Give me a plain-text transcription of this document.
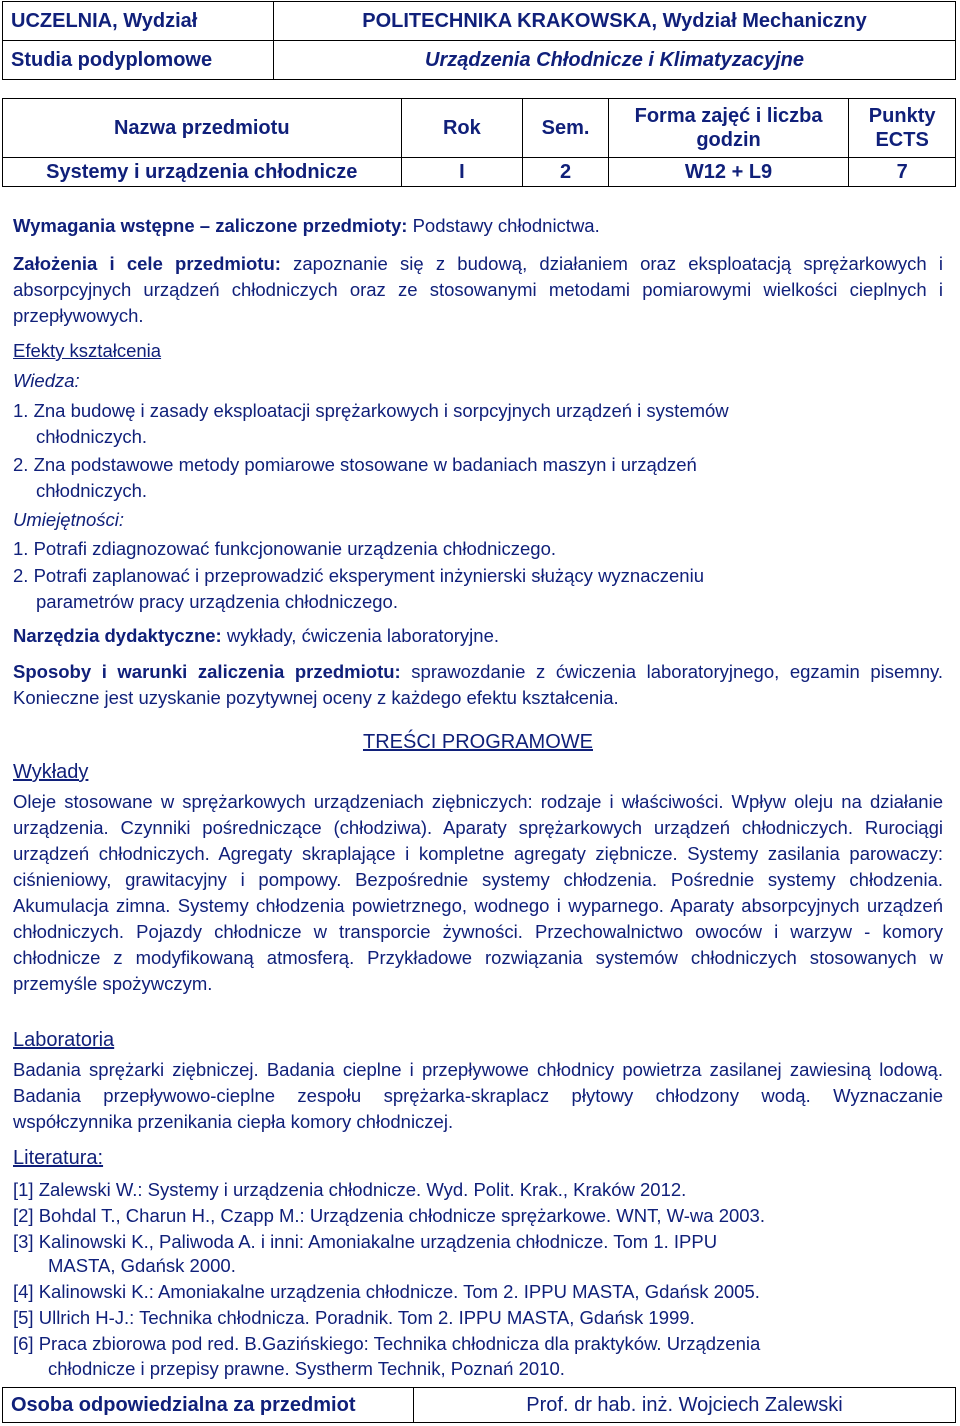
UCZELNIA, Wydział	POLITECHNIKA KRAKOWSKA, Wydział Mechaniczny
Studia podyplomowe	Urządzenia Chłodnicze i Klimatyzacyjne
Nazwa przedmiotu	Rok	Sem.	Forma zajęć i liczba godzin	Punkty ECTS
Systemy i urządzenia chłodnicze	I	2	W12 + L9	7
Wymagania wstępne – zaliczone przedmioty: Podstawy chłodnictwa.
Założenia i cele przedmiotu: zapoznanie się z budową, działaniem oraz eksploatacją sprężarkowych i absorpcyjnych urządzeń chłodniczych oraz ze stosowanymi metodami pomiarowymi wielkości cieplnych i przepływowych.
Efekty kształcenia
Wiedza:
1. Zna budowę i zasady eksploatacji sprężarkowych i sorpcyjnych urządzeń i systemów
chłodniczych.
2. Zna podstawowe metody pomiarowe stosowane w badaniach maszyn i urządzeń
chłodniczych.
Umiejętności:
1. Potrafi zdiagnozować funkcjonowanie urządzenia chłodniczego.
2. Potrafi zaplanować i przeprowadzić eksperyment inżynierski służący wyznaczeniu
parametrów pracy urządzenia chłodniczego.
Narzędzia dydaktyczne: wykłady, ćwiczenia laboratoryjne.
Sposoby i warunki zaliczenia przedmiotu: sprawozdanie z ćwiczenia laboratoryjnego, egzamin pisemny. Konieczne jest uzyskanie pozytywnej oceny z każdego efektu kształcenia.
TREŚCI PROGRAMOWE
Wykłady
Oleje stosowane w sprężarkowych urządzeniach ziębniczych: rodzaje i właściwości. Wpływ oleju na działanie urządzenia. Czynniki pośredniczące (chłodziwa). Aparaty sprężarkowych urządzeń chłodniczych. Rurociągi urządzeń chłodniczych. Agregaty skraplające i kompletne agregaty ziębnicze. Systemy zasilania parowaczy: ciśnieniowy, grawitacyjny i pompowy. Bezpośrednie systemy chłodzenia. Pośrednie systemy chłodzenia. Akumulacja zimna. Systemy chłodzenia powietrznego, wodnego i wyparnego. Aparaty absorpcyjnych urządzeń chłodniczych. Pojazdy chłodnicze w transporcie żywności. Przechowalnictwo owoców i warzyw - komory chłodnicze z modyfikowaną atmosferą. Przykładowe rozwiązania systemów chłodniczych stosowanych w przemyśle spożywczym.
Laboratoria
Badania sprężarki ziębniczej. Badania cieplne i przepływowe chłodnicy powietrza zasilanej zawiesiną lodową. Badania przepływowo-cieplne zespołu sprężarka-skraplacz płytowy chłodzony wodą. Wyznaczanie współczynnika przenikania ciepła komory chłodniczej.
Literatura:
[1] Zalewski W.: Systemy i urządzenia chłodnicze. Wyd. Polit. Krak., Kraków 2012.
[2] Bohdal T., Charun H., Czapp M.: Urządzenia chłodnicze sprężarkowe. WNT, W-wa 2003.
[3] Kalinowski K., Paliwoda A. i inni: Amoniakalne urządzenia chłodnicze. Tom 1. IPPU
MASTA, Gdańsk 2000.
[4] Kalinowski K.: Amoniakalne urządzenia chłodnicze. Tom 2. IPPU MASTA, Gdańsk 2005.
[5] Ullrich H-J.: Technika chłodnicza. Poradnik. Tom 2. IPPU MASTA, Gdańsk 1999.
[6] Praca zbiorowa pod red. B.Gazińskiego: Technika chłodnicza dla praktyków. Urządzenia
chłodnicze i przepisy prawne. Systherm Technik, Poznań 2010.
Osoba odpowiedzialna za przedmiot	Prof. dr hab. inż. Wojciech Zalewski
